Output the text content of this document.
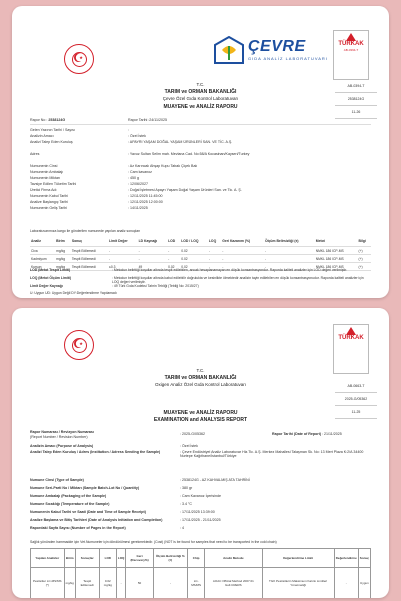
☪
ÇEVRE
GIDA ANALİZ LABORATUVARI
TÜRKAK
AB-0394-T
AB-0394-T
2538124G
11-26
T.C.
TARIM ve ORMAN BAKANLIĞI
Çevre Özel Gıda Kontrol Laboratuvarı
MUAYENE ve ANALİZ RAPORU
Rapor No : 2538124G	Rapor Tarihi :24/11/2025
Gelen Yazının Tarihi / Sayısı	:
Analizin Amacı	: Özel İstek
Analizi Talep Eden Kuruluş	: APAYRI YAŞAM DOĞAL YAŞAM ÜRÜNLERİ SAN. VE TİC. A.Ş.
Adres	: Yavuz Sultan Selim mah. Mevlana Cad. No:58/A Kocasinan/Kayseri/Turkey
Numunenin Cinsi	: Az Karıncalı Ahşap Kupu Tabak Çiçek Balı
Numunenin Ambalajı	: Cam kavanoz
Numunenin Miktarı	: 450 g
Tavsiye Edilen Tüketim Tarihi	: 12/06/2027
Üretici Firma Adı	: Doğal İşletmesi Apayrı Yaşam Doğal Yaşam Ürünleri San. ve Tic. A. Ş.
Numunenin Kabul Tarihi	: 12/11/2025 11:45:00
Analize Başlangıç Tarihi	: 12/11/2025 12:00:00
Numunenin Geliş Tarihi	: 14/11/2025
Laboratuvarımıza kargo ile gönderilen numunede yapılan analiz sonuçları
Analiz	Birim	Sonuç	Limit Değer	LD Kaynağı	LOD	LOD / LOQ	LOQ	Geri Kazanım (%)	Ölçüm Belirsizliği (±)	Metot	Bilgi
Civa	mg/kg	Tespit Edilemedi	-	-	-	0.02	-	-	-	NMKL 186 ICP-MS	(+)
Kadmiyum	mg/kg	Tespit Edilemedi	-	-	-	0.02	-	-	-	NMKL 186 ICP-MS	(+)
Kurşun	mg/kg	Tespit Edilemedi	≤0.3	49	0.02	0.02	-	-	-	NMKL 186 ICP-MS	(+)
LOD (Metot Tespit Limiti)	: Metodun belirttiği koşullar altında tespit edilebilen, ancak hesaplanamayan en düşük konsantrasyondur. Raporda kaliteli analizler için LOD değeri verilmiştir.
LOQ (Metot Ölçüm Limiti)	: Metodun belirttiği koşullar altında kabul edilebilir doğrulukta ve kesinlikte ölmektedir analizin tayin edilebilen en düşük konsantrasyonudur. Raporda kaliteli analizler için LOQ değeri verilmiştir.
Limit Değer Kaynağı	: 49 Türk Gıda Kodeksi Tahrin Tebliği (Tebliğ No: 2015/27)
U: Uygun UD: Uygun Değil DY:Değerlendirme Yapılamadı
☪
TÜRKAK
AB-0663-T
2025-G/05362
11-25
T.C.
TARIM ve ORMAN BAKANLIĞI
Oxigen Analiz Özel Gıda Kontrol Laboratuvarı
MUAYENE ve ANALİZ RAPORU
EXAMINATION and ANALYSIS REPORT
Rapor Numarası / Revizyon Numarası
(Report Number / Revision Number)
: 2025-G/05362	Rapor Tarihi (Date of Report) : 21/11/2025
Analizin Amacı (Purpose of Analysis)	: Özel İstek
Analizi Talep Eden Kuruluş / Adres (Institution / Adress Sending the Sample)	: Çevre Endüstriyel Analiz Laboratuvar Hiz.Tic. A.Ş. Merkez Mahallesi Talaşman Sk. No: 13 Mert Plaza K:2/A 34400 Nurtepe Kağıthane/İstanbul/Türkiye
Numune Cinsi (Type of Sample)	: 2538124G - AZ KAHVALMIŞ ATA TAHRİNİ
Numune Seri-Parti No / Miktarı (Sample Batch-Lot No / Quantity)	: 380 gr
Numune Ambalajı (Packaging of the Sample)	: Cam Kavanoz İçerisinde
Numune Sıcaklığı (Temperature of the Sample)	: 3.4 °C
Numunenin Kabul Tarihi ve Saati (Date and Time of Sample Receipt)	: 17/11/2025 13:39:00
Analize Başlama ve Bitiş Tarihleri (Date of Analysis Initiation and Completion)	: 17/11/2025 - 21/11/2025
Rapordaki Sayfa Sayısı (Number of Pages in the Report)	: 4
Sağlık yönünden hammadde için Vet.Numuneler için döndürülmesi gerekmektedir. (Cost) (NOT is be found for samples that need to be transported in the cold chain)
Yapılan Analizler	Birim	Sonuçlar	LOD	LOQ	Geri (Recovery%)	Ölçüm Belirsizliği % (±)	Chip	Analiz Metodu	Değerlendirme Limiti	Değerlendirme	Sonuç
Pestisitler LC-MS/MS (*)	mg/kg	Tespit Edilemedi	0.02 mg/kg	-	50	-	LC-MS/MS	AOAC Official Method 2007.01 Gull.CRERS	TGK Pestisitlerin Maksimum Kalıntı Limitleri Yönetmeliği	-	Uygun
